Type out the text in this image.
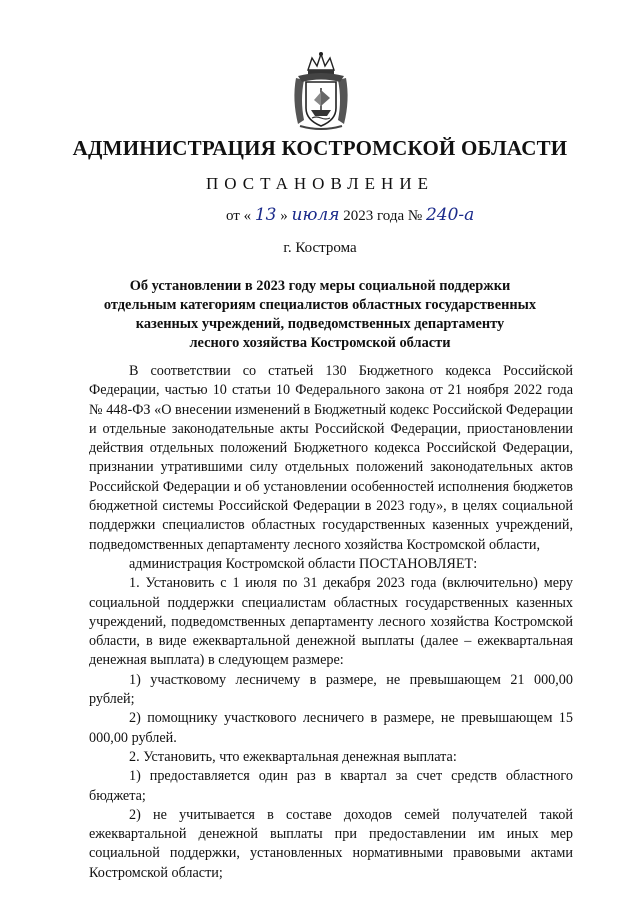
АДМИНИСТРАЦИЯ КОСТРОМСКОЙ ОБЛАСТИ
ПОСТАНОВЛЕНИЕ
от « 13 » июля 2023 года № 240-а
г. Кострома
Об установлении в 2023 году меры социальной поддержки
отдельным категориям специалистов областных государственных
казенных учреждений, подведомственных департаменту
лесного хозяйства Костромской области

В соответствии со статьей 130 Бюджетного кодекса Российской Федерации, частью 10 статьи 10 Федерального закона от 21 ноября 2022 года № 448-ФЗ «О внесении изменений в Бюджетный кодекс Российской Федерации и отдельные законодательные акты Российской Федерации, приостановлении действия отдельных положений Бюджетного кодекса Российской Федерации, признании утратившими силу отдельных положений законодательных актов Российской Федерации и об установлении особенностей исполнения бюджетов бюджетной системы Российской Федерации в 2023 году», в целях социальной поддержки специалистов областных государственных казенных учреждений, подведомственных департаменту лесного хозяйства Костромской области,

администрация Костромской области ПОСТАНОВЛЯЕТ:

1. Установить с 1 июля по 31 декабря 2023 года (включительно) меру социальной поддержки специалистам областных государственных казенных учреждений, подведомственных департаменту лесного хозяйства Костромской области, в виде ежеквартальной денежной выплаты (далее – ежеквартальная денежная выплата) в следующем размере:

1) участковому лесничему в размере, не превышающем 21 000,00 рублей;

2) помощнику участкового лесничего в размере, не превышающем 15 000,00 рублей.

2. Установить, что ежеквартальная денежная выплата:

1) предоставляется один раз в квартал за счет средств областного бюджета;

2) не учитывается в составе доходов семей получателей такой ежеквартальной денежной выплаты при предоставлении им иных мер социальной поддержки, установленных нормативными правовыми актами Костромской области;
